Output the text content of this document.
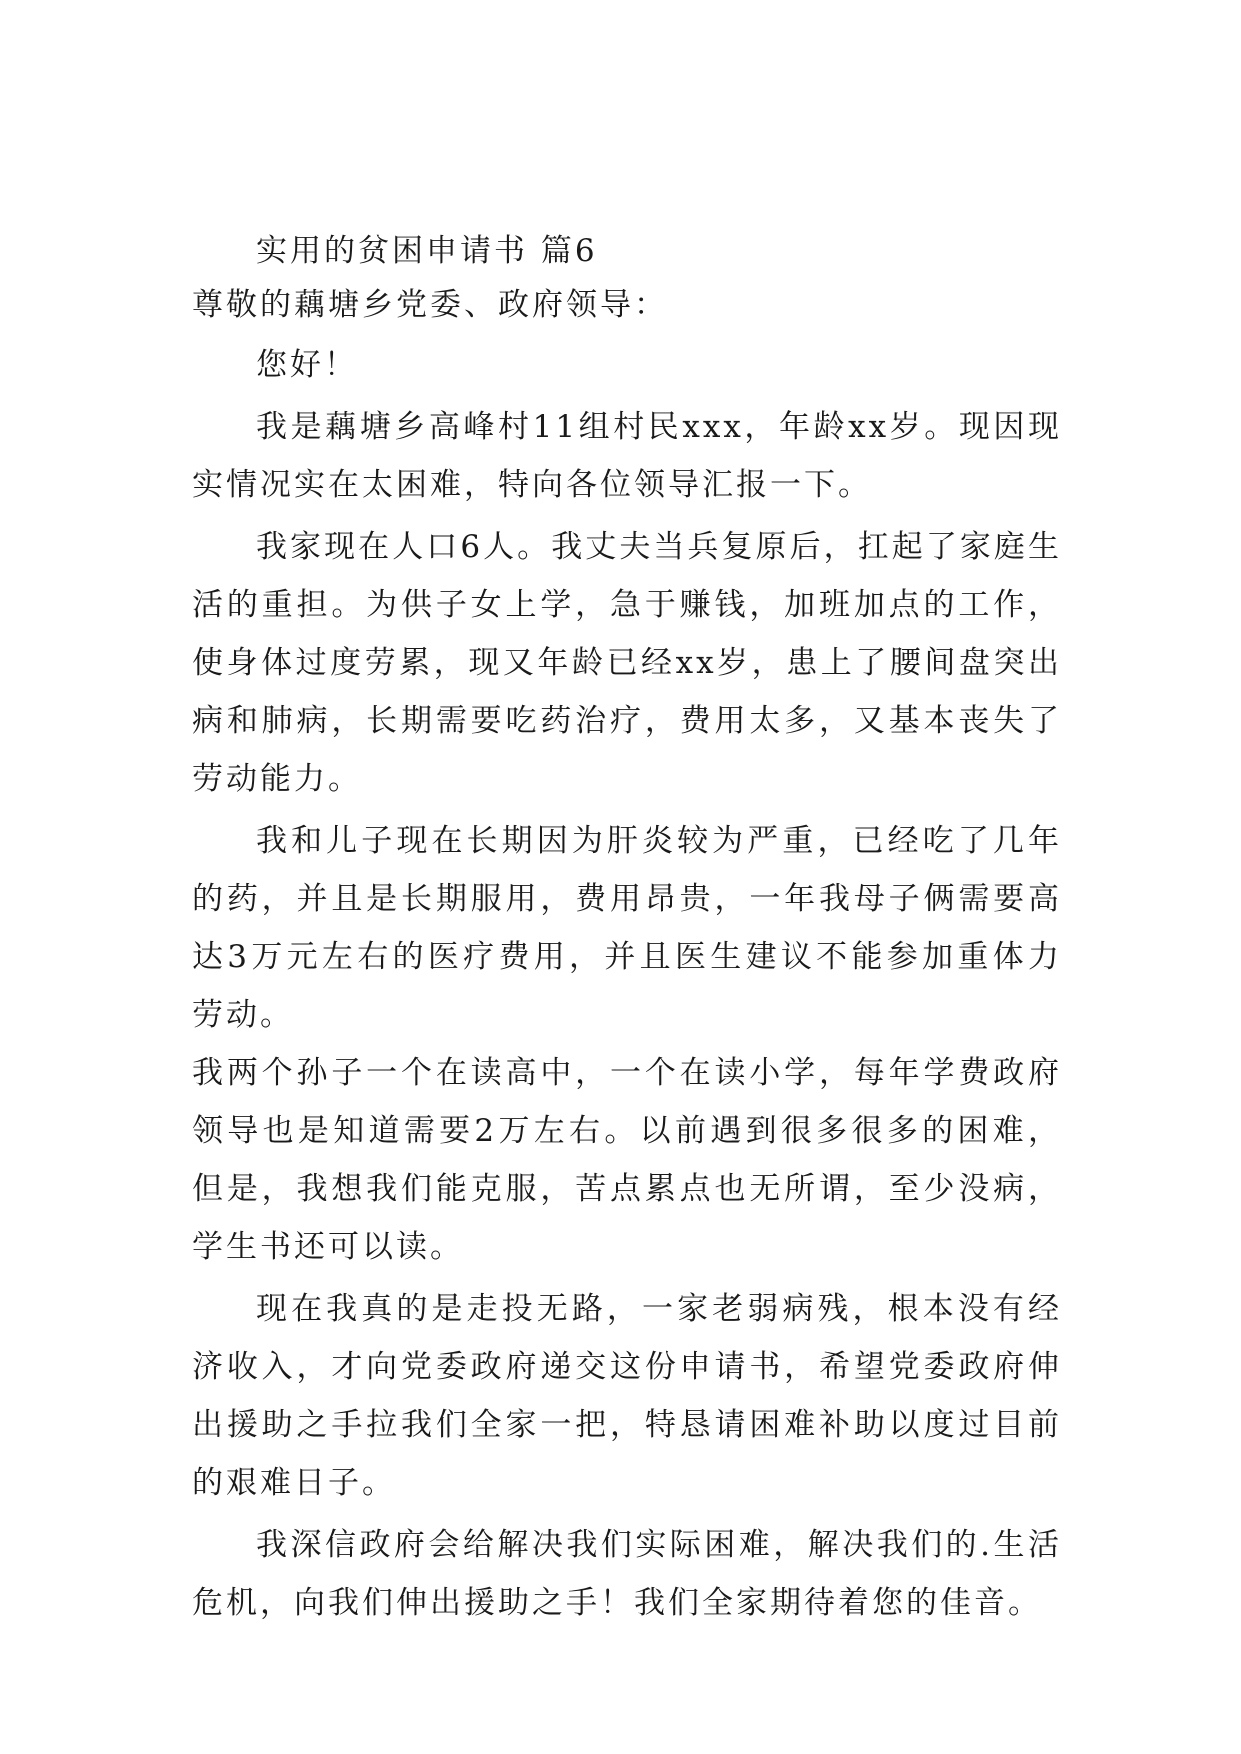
实用的贫困申请书 篇6

尊敬的藕塘乡党委、政府领导：

您好！

我是藕塘乡高峰村11组村民xxx，年龄xx岁。现因现实情况实在太困难，特向各位领导汇报一下。

我家现在人口6人。我丈夫当兵复原后，扛起了家庭生活的重担。为供子女上学，急于赚钱，加班加点的工作，使身体过度劳累，现又年龄已经xx岁，患上了腰间盘突出病和肺病，长期需要吃药治疗，费用太多，又基本丧失了劳动能力。

我和儿子现在长期因为肝炎较为严重，已经吃了几年的药，并且是长期服用，费用昂贵，一年我母子俩需要高达3万元左右的医疗费用，并且医生建议不能参加重体力劳动。

我两个孙子一个在读高中，一个在读小学，每年学费政府领导也是知道需要2万左右。以前遇到很多很多的困难，但是，我想我们能克服，苦点累点也无所谓，至少没病，学生书还可以读。

现在我真的是走投无路，一家老弱病残，根本没有经济收入，才向党委政府递交这份申请书，希望党委政府伸出援助之手拉我们全家一把，特恳请困难补助以度过目前的艰难日子。

我深信政府会给解决我们实际困难，解决我们的.生活危机，向我们伸出援助之手！我们全家期待着您的佳音。
